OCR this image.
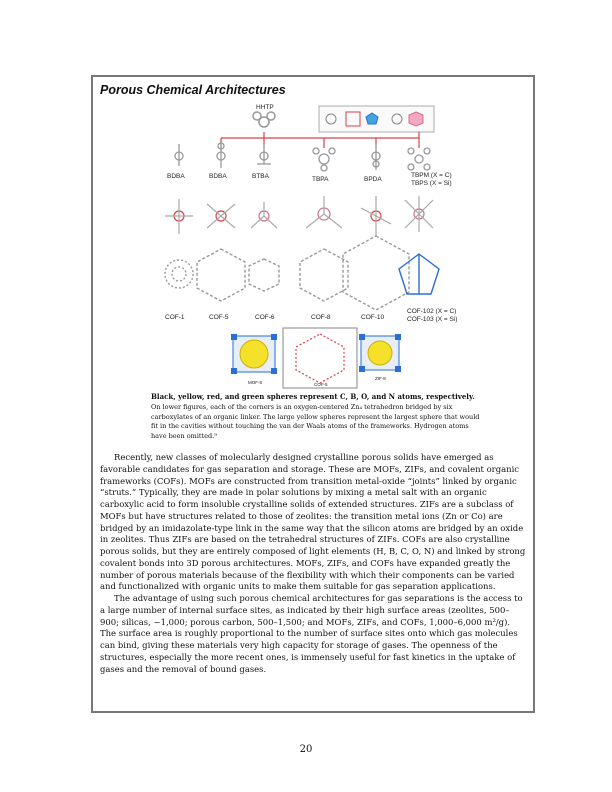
Porous Chemical Architectures
HHTP
BDBA	BDBA	BTBA	TBPA	BPDA
TBPM (X = C)
TBPS (X = Si)
COF-1	COF-5	COF-6	COF-8	COF-10
COF-102 (X = C)
COF-103 (X = Si)
MOF-5	COF-5
ZIF-8
Black, yellow, red, and green spheres represent C, B, O, and N atoms, respectively.
On lower figures, each of the corners is an oxygen-centered Zn₄ tetrahedron bridged by six carboxylates of an organic linker. The large yellow spheres represent the largest sphere that would fit in the cavities without touching the van der Waals atoms of the frameworks. Hydrogen atoms have been omitted.⁹

Recently, new classes of molecularly designed crystalline porous solids have emerged as favorable candidates for gas separation and storage. These are MOFs, ZIFs, and covalent organic frameworks (COFs). MOFs are constructed from transition metal-oxide “joints” linked by organic “struts.” Typically, they are made in polar solutions by mixing a metal salt with an organic carboxylic acid to form insoluble crystalline solids of extended structures. ZIFs are a subclass of MOFs but have structures related to those of zeolites: the transition metal ions (Zn or Co) are bridged by an imidazolate-type link in the same way that the silicon atoms are bridged by an oxide in zeolites. Thus ZIFs are based on the tetrahedral structures of ZIFs. COFs are also crystalline porous solids, but they are entirely composed of light elements (H, B, C, O, N) and linked by strong covalent bonds into 3D porous architectures. MOFs, ZIFs, and COFs have expanded greatly the number of porous materials because of the flexibility with which their components can be varied and functionalized with organic units to make them suitable for gas separation applications.

The advantage of using such porous chemical architectures for gas separations is the access to a large number of internal surface sites, as indicated by their high surface areas (zeolites, 500–900; silicas, ~1,000; porous carbon, 500–1,500; and MOFs, ZIFs, and COFs, 1,000–6,000 m²/g). The surface area is roughly proportional to the number of surface sites onto which gas molecules can bind, giving these materials very high capacity for storage of gases. The openness of the structures, especially the more recent ones, is immensely useful for fast kinetics in the uptake of gases and the removal of bound gases.

20
